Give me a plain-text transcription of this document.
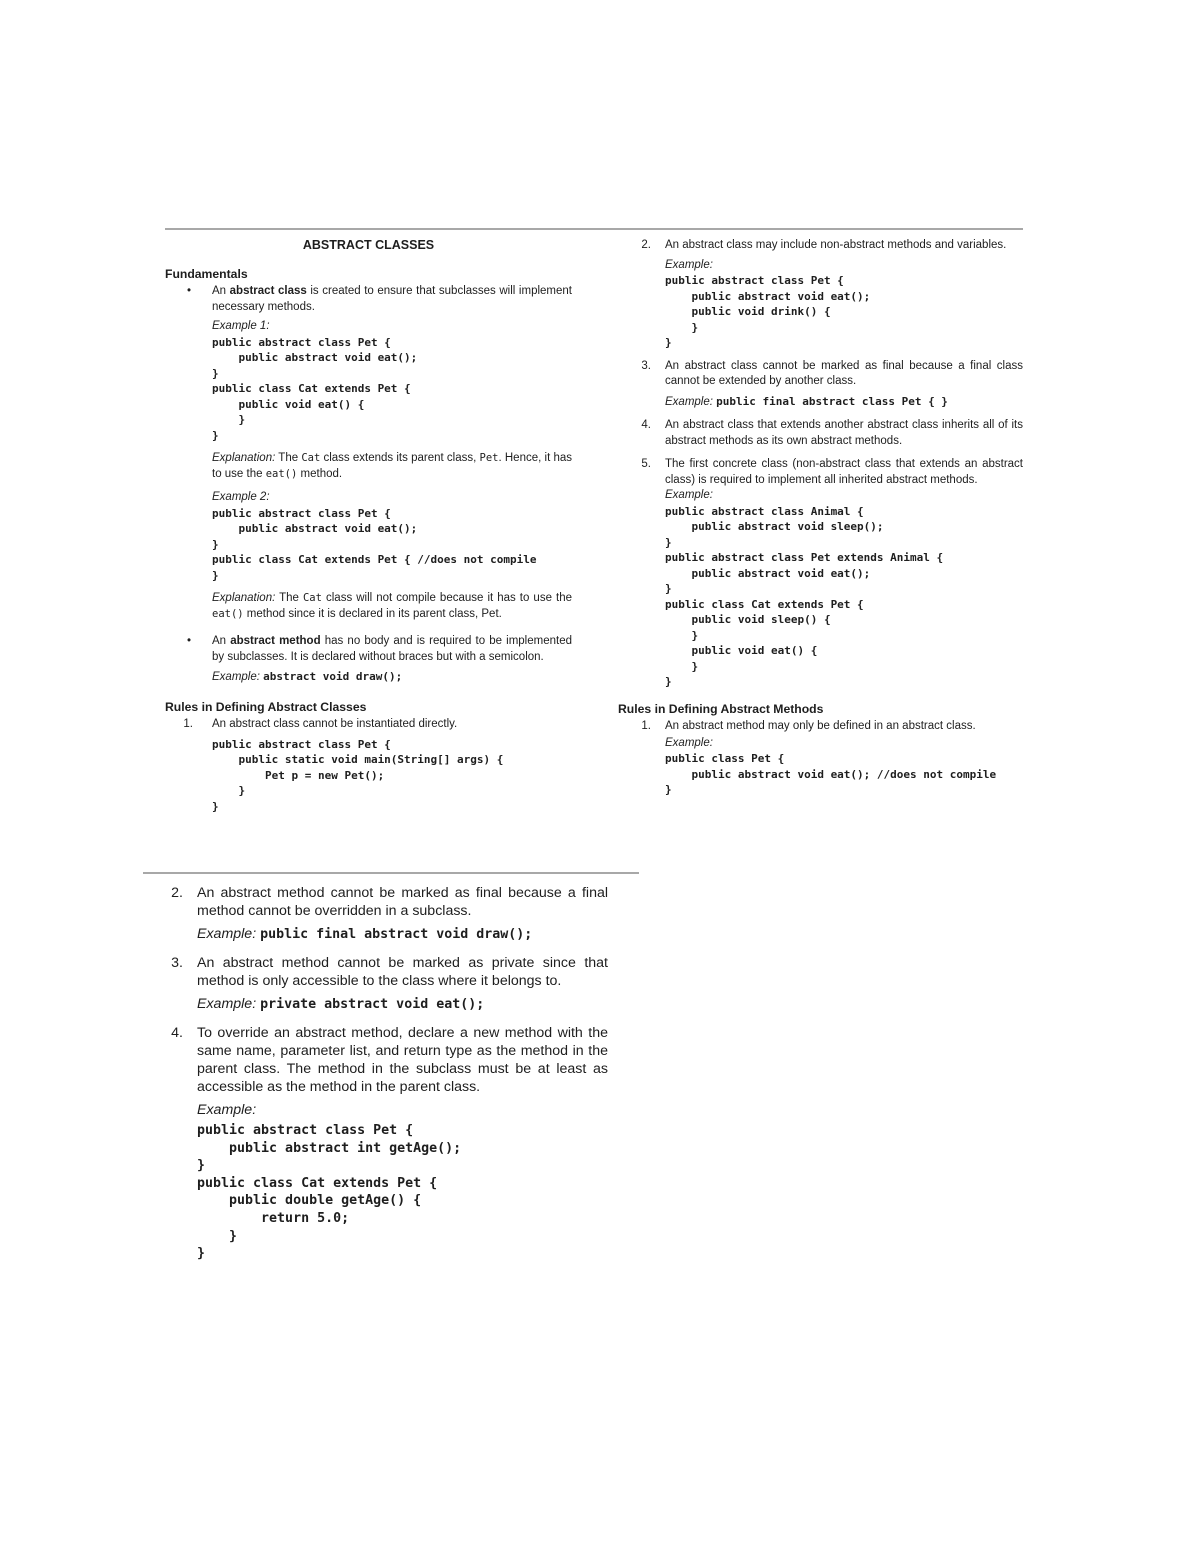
ABSTRACT CLASSES
Fundamentals
• An abstract class is created to ensure that subclasses will implement necessary methods.

Example 1:

public abstract class Pet {
public abstract void eat();
}
public class Cat extends Pet {
public void eat() {
}
}

Explanation: The Cat class extends its parent class, Pet. Hence, it has to use the eat() method.

Example 2:

public abstract class Pet {
public abstract void eat();
}
public class Cat extends Pet { //does not compile
}

Explanation: The Cat class will not compile because it has to use the eat() method since it is declared in its parent class, Pet.

• An abstract method has no body and is required to be implemented by subclasses. It is declared without braces but with a semicolon.

Example: abstract void draw();

Rules in Defining Abstract Classes
1. An abstract class cannot be instantiated directly.

public abstract class Pet {
public static void main(String[] args) {
Pet p = new Pet();
}
}
2. An abstract class may include non-abstract methods and variables.

Example:

public abstract class Pet {
public abstract void eat();
public void drink() {
}
}
3. An abstract class cannot be marked as final because a final class cannot be extended by another class.

Example: public final abstract class Pet { }

4. An abstract class that extends another abstract class inherits all of its abstract methods as its own abstract methods.

5. The first concrete class (non-abstract class that extends an abstract class) is required to implement all inherited abstract methods.

Example:

public abstract class Animal {
public abstract void sleep();
}
public abstract class Pet extends Animal {
public abstract void eat();
}
public class Cat extends Pet {
public void sleep() {
}
public void eat() {
}
}
Rules in Defining Abstract Methods
1. An abstract method may only be defined in an abstract class.

Example:

public class Pet {
public abstract void eat(); //does not compile
}
2. An abstract method cannot be marked as final because a final method cannot be overridden in a subclass.

Example: public final abstract void draw();

3. An abstract method cannot be marked as private since that method is only accessible to the class where it belongs to.

Example: private abstract void eat();

4. To override an abstract method, declare a new method with the same name, parameter list, and return type as the method in the parent class. The method in the subclass must be at least as accessible as the method in the parent class.

Example:

public abstract class Pet {
public abstract int getAge();
}
public class Cat extends Pet {
public double getAge() {
return 5.0;
}
}
